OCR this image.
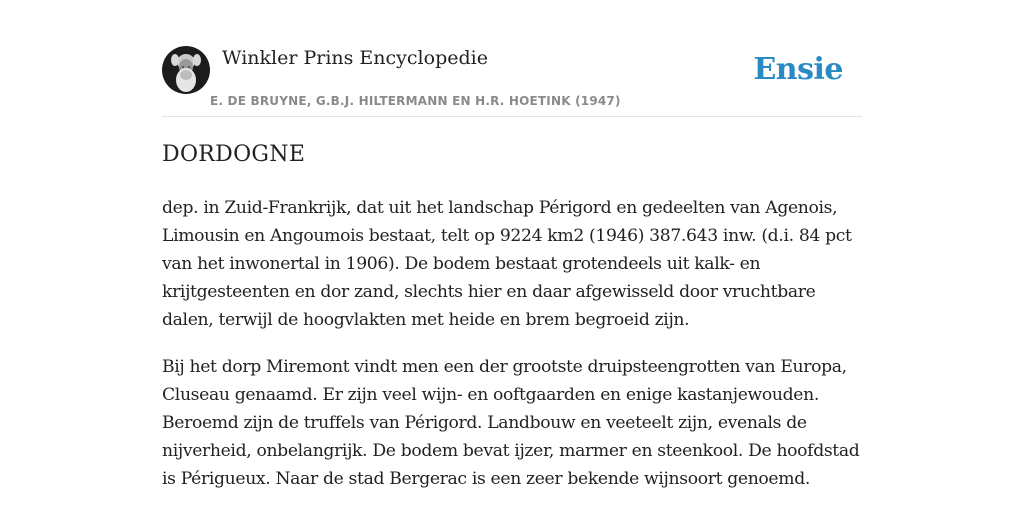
Winkler Prins Encyclopedie
E. DE BRUYNE, G.B.J. HILTERMANN EN H.R. HOETINK (1947)
Ensie
DORDOGNE

dep. in Zuid-Frankrijk, dat uit het landschap Périgord en gedeelten van Agenois, Limousin en Angoumois bestaat, telt op 9224 km2 (1946) 387.643 inw. (d.i. 84 pct van het inwonertal in 1906). De bodem bestaat grotendeels uit kalk- en krijtgesteenten en dor zand, slechts hier en daar afgewisseld door vruchtbare dalen, terwijl de hoogvlakten met heide en brem begroeid zijn.

Bij het dorp Miremont vindt men een der grootste druipsteengrotten van Europa, Cluseau genaamd. Er zijn veel wijn- en ooftgaarden en enige kastanjewouden. Beroemd zijn de truffels van Périgord. Landbouw en veeteelt zijn, evenals de nijverheid, onbelangrijk. De bodem bevat ijzer, marmer en steenkool. De hoofdstad is Périgueux. Naar de stad Bergerac is een zeer bekende wijnsoort genoemd.
